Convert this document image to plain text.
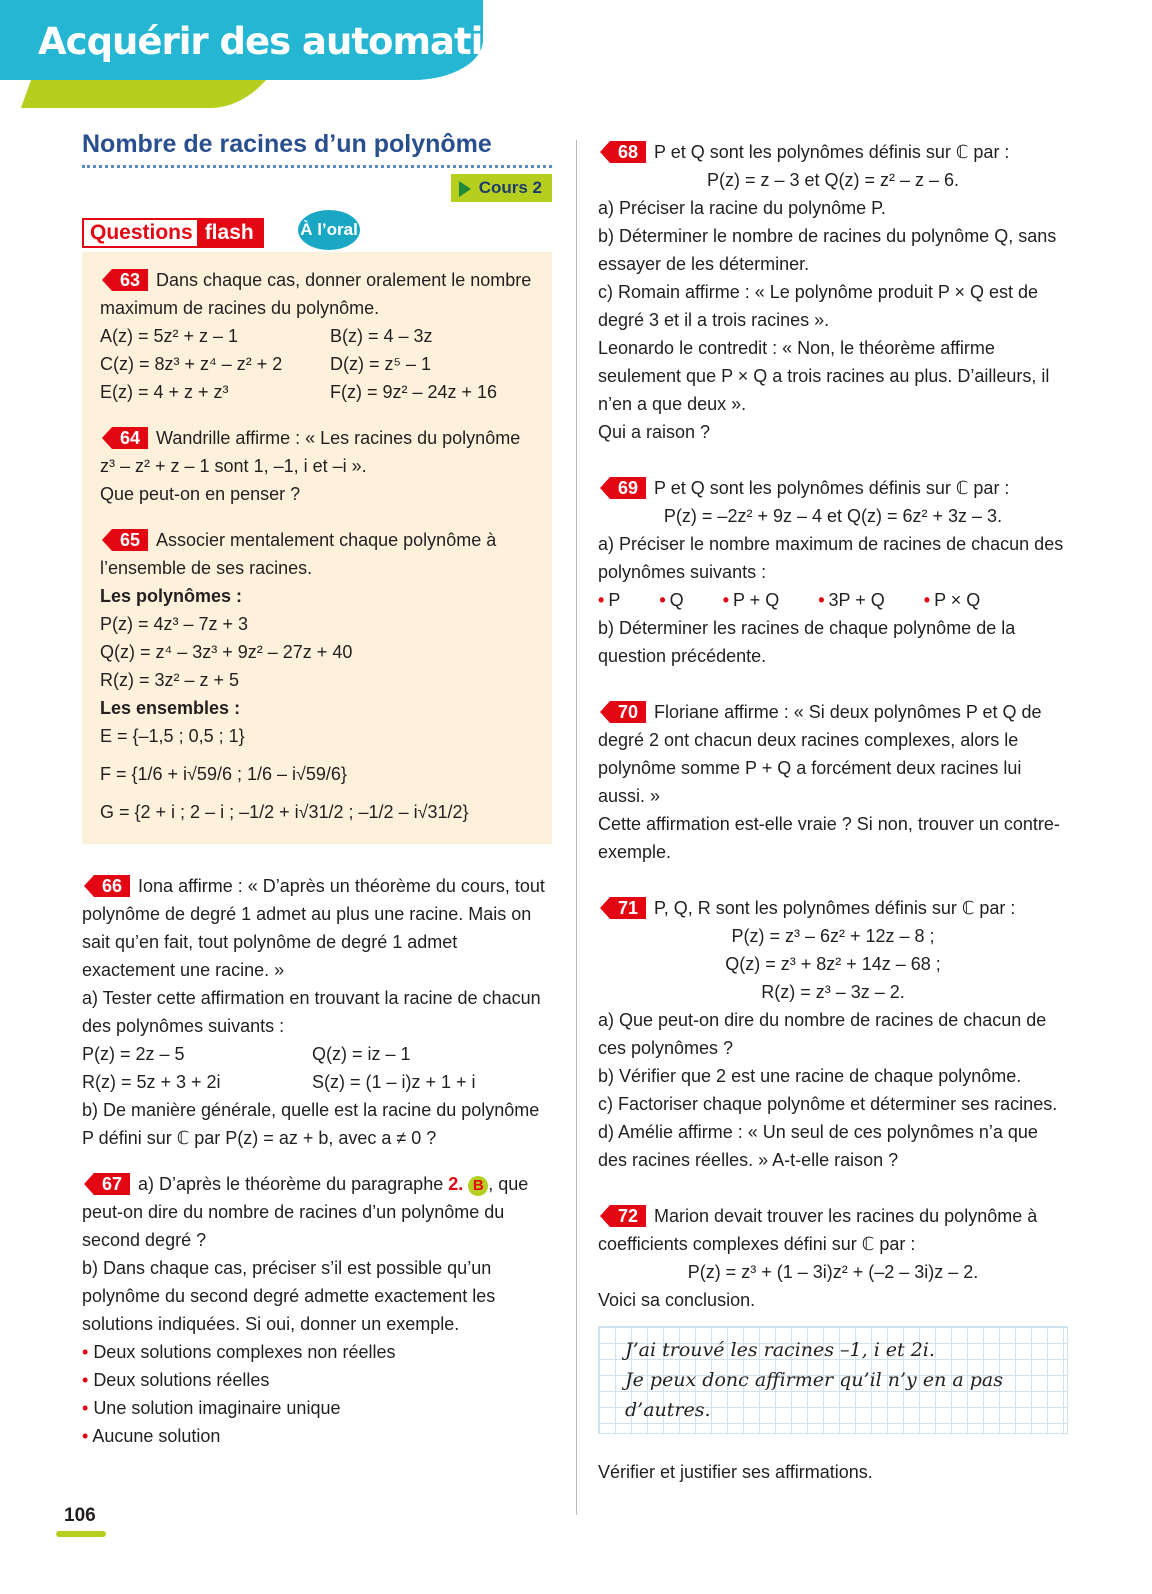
Acquérir des automatismes
Nombre de racines d’un polynôme
Cours 2
Questions flash	À l’oral
63 Dans chaque cas, donner oralement le nombre maximum de racines du polynôme.
A(z) = 5z² + z – 1	B(z) = 4 – 3z
C(z) = 8z³ + z⁴ – z² + 2	D(z) = z⁵ – 1
E(z) = 4 + z + z³	F(z) = 9z² – 24z + 16
64 Wandrille affirme : « Les racines du polynôme

z³ – z² + z – 1 sont 1, –1, i et –i ».

Que peut-on en penser ?

65 Associer mentalement chaque polynôme à l’ensemble de ses racines.

Les polynômes :

P(z) = 4z³ – 7z + 3

Q(z) = z⁴ – 3z³ + 9z² – 27z + 40

R(z) = 3z² – z + 5

Les ensembles :

E = {–1,5 ; 0,5 ; 1}

F = {1/6 + i√59/6 ; 1/6 – i√59/6}

G = {2 + i ; 2 – i ; –1/2 + i√31/2 ; –1/2 – i√31/2}

66 Iona affirme : « D’après un théorème du cours, tout polynôme de degré 1 admet au plus une racine. Mais on sait qu’en fait, tout polynôme de degré 1 admet exactement une racine. »

a) Tester cette affirmation en trouvant la racine de chacun des polynômes suivants :

P(z) = 2z – 5	Q(z) = iz – 1
R(z) = 5z + 3 + 2i	S(z) = (1 – i)z + 1 + i

b) De manière générale, quelle est la racine du polynôme P défini sur ℂ par P(z) = az + b, avec a ≠ 0 ?

67 a) D’après le théorème du paragraphe 2. B , que peut-on dire du nombre de racines d’un polynôme du second degré ?

b) Dans chaque cas, préciser s’il est possible qu’un polynôme du second degré admette exactement les solutions indiquées. Si oui, donner un exemple.

• Deux solutions complexes non réelles

• Deux solutions réelles

• Une solution imaginaire unique

• Aucune solution

68 P et Q sont les polynômes définis sur ℂ par :

P(z) = z – 3 et Q(z) = z² – z – 6.

a) Préciser la racine du polynôme P.

b) Déterminer le nombre de racines du polynôme Q, sans essayer de les déterminer.

c) Romain affirme : « Le polynôme produit P × Q est de degré 3 et il a trois racines ».

Leonardo le contredit : « Non, le théorème affirme seulement que P × Q a trois racines au plus. D’ailleurs, il n’en a que deux ».

Qui a raison ?

69 P et Q sont les polynômes définis sur ℂ par :

P(z) = –2z² + 9z – 4 et Q(z) = 6z² + 3z – 3.

a) Préciser le nombre maximum de racines de chacun des polynômes suivants :

• P • Q • P + Q • 3P + Q • P × Q

b) Déterminer les racines de chaque polynôme de la question précédente.

70 Floriane affirme : « Si deux polynômes P et Q de degré 2 ont chacun deux racines complexes, alors le polynôme somme P + Q a forcément deux racines lui aussi. »

Cette affirmation est-elle vraie ? Si non, trouver un contre-exemple.

71 P, Q, R sont les polynômes définis sur ℂ par :

P(z) = z³ – 6z² + 12z – 8 ;

Q(z) = z³ + 8z² + 14z – 68 ;

R(z) = z³ – 3z – 2.

a) Que peut-on dire du nombre de racines de chacun de ces polynômes ?

b) Vérifier que 2 est une racine de chaque polynôme.

c) Factoriser chaque polynôme et déterminer ses racines.

d) Amélie affirme : « Un seul de ces polynômes n’a que des racines réelles. » A-t-elle raison ?

72 Marion devait trouver les racines du polynôme à coefficients complexes défini sur ℂ par :

P(z) = z³ + (1 – 3i)z² + (–2 – 3i)z – 2.

Voici sa conclusion.

J’ai trouvé les racines –1, i et 2i.

Je peux donc affirmer qu’il n’y en a pas d’autres.

Vérifier et justifier ses affirmations.

106
